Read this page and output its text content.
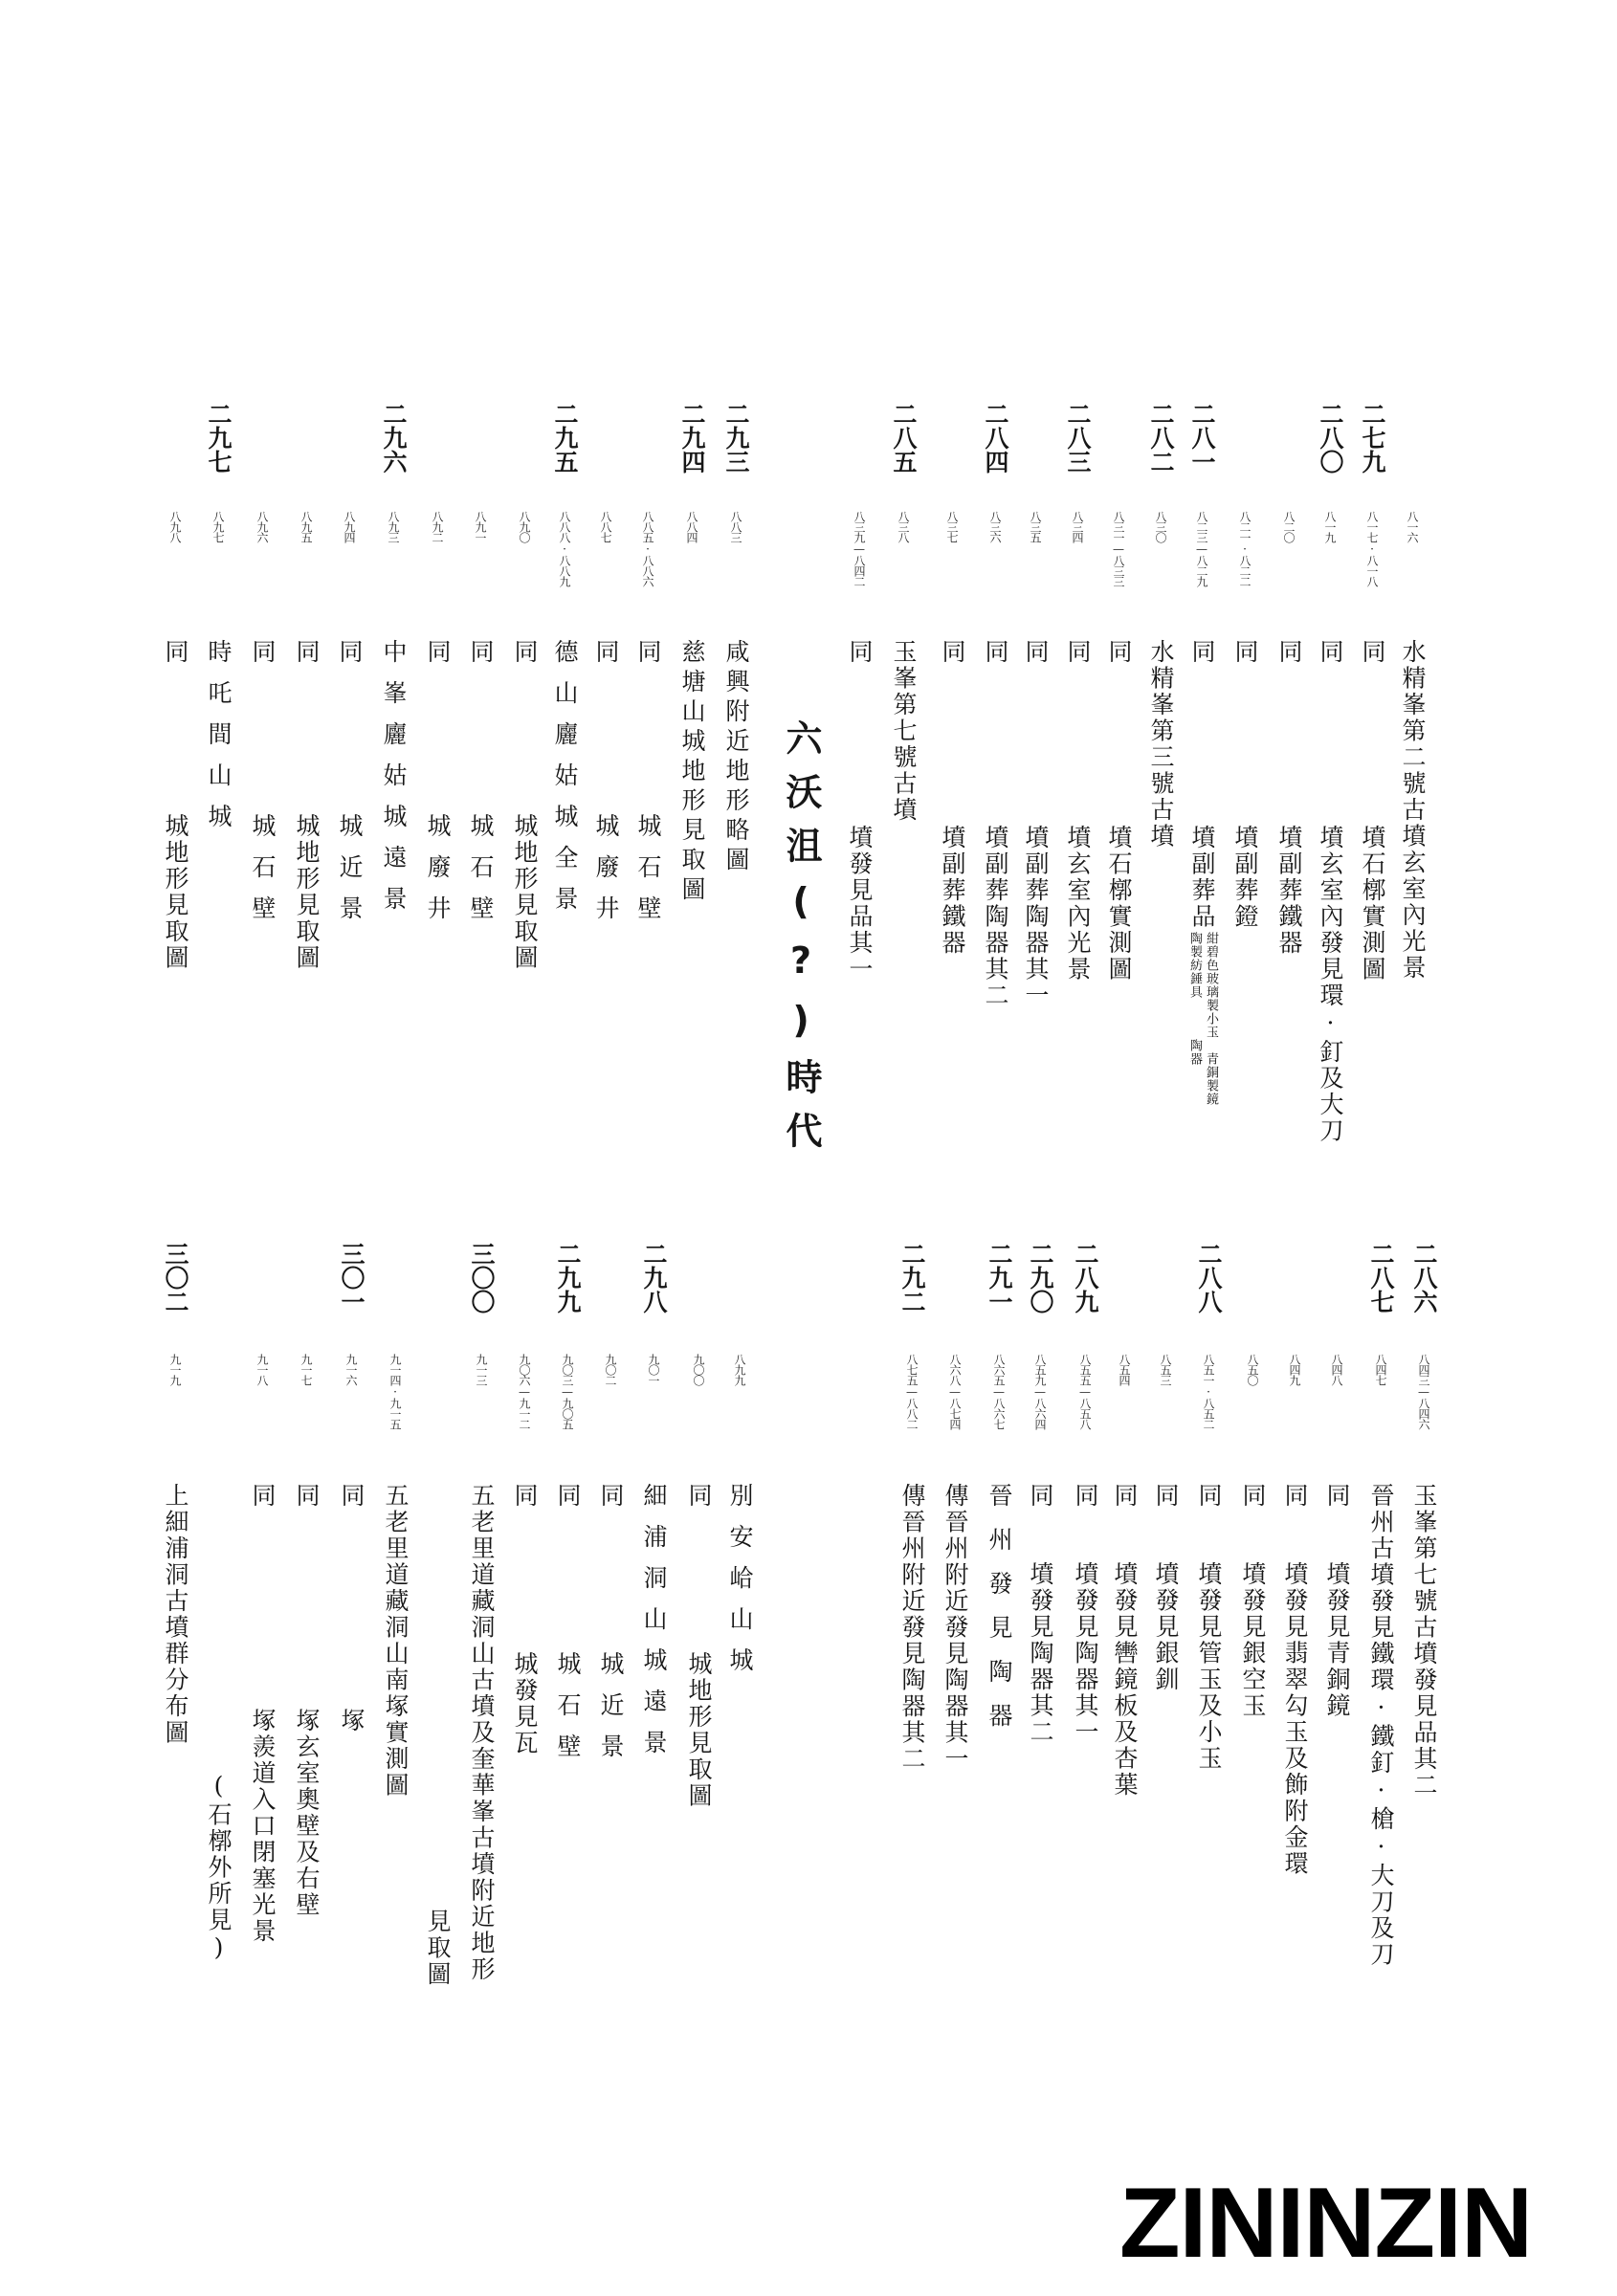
八一六
水精峯第二號古墳玄室內光景
二七九
八一七·八一八
同
墳石槨實測圖
二八〇
八一九
同
墳玄室內發見環·釘及大刀
八二〇
同
墳副葬鐵器
八二一·八二二
同
墳副葬鐙
二八一
八二三—八二九
同
墳副葬品
紺碧色玻璃製小玉　青銅製鏡
陶製紡錘具　　　陶器
二八二
八三〇
水精峯第三號古墳
八三一—八三三
同
墳石槨實測圖
二八三
八三四
同
墳玄室內光景
八三五
同
墳副葬陶器其一
二八四
八三六
同
墳副葬陶器其二
八三七
同
墳副葬鐵器
二八五
八三八
玉峯第七號古墳
八三九—八四二
同
墳發見品其一
二九三
八八三
咸興附近地形略圖
二九四
八八四
慈塘山城地形見取圖
八八五·八八六
同
城石壁
八八七
同
城廢井
二九五
八八八·八八九
德山廲姑城全景
八九〇
同
城地形見取圖
八九一
同
城石壁
八九二
同
城廢井
二九六
八九三
中峯廲姑城遠景
八九四
同
城近景
八九五
同
城地形見取圖
八九六
同
城石壁
二九七
八九七
時吒間山城
八九八
同
城地形見取圖
二八六
八四三—八四六
玉峯第七號古墳發見品其二
二八七
八四七
晉州古墳發見鐵環·鐵釘·槍·大刀及刀
八四八
同
墳發見青銅鏡
八四九
同
墳發見翡翠勾玉及飾附金環
八五〇
同
墳發見銀空玉
二八八
八五一·八五二
同
墳發見管玉及小玉
八五三
同
墳發見銀釧
八五四
同
墳發見轡鏡板及杏葉
二八九
八五五—八五八
同
墳發見陶器其一
二九〇
八五九—八六四
同
墳發見陶器其二
二九一
八六五—八六七
晉州發見陶器
八六八—八七四
傳晉州附近發見陶器其一
二九二
八七五—八八二
傳晉州附近發見陶器其二
八九九
別安峆山城
九〇〇
同
城地形見取圖
二九八
九〇一
細浦洞山城遠景
九〇二
同
城近景
二九九
九〇三—九〇五
同
城石壁
九〇六—九一二
同
城發見瓦
三〇〇
九一三
五老里道藏洞山古墳及奎華峯古墳附近地形
見取圖
九一四·九一五
五老里道藏洞山南塚實測圖
三〇一
九一六
同
塚
九一七
同
塚玄室奧壁及右壁
九一八
同
塚羨道入口閉塞光景
(石槨外所見)
三〇二
九一九
上細浦洞古墳群分布圖
六沃沮(?)時代
ZININZIN
